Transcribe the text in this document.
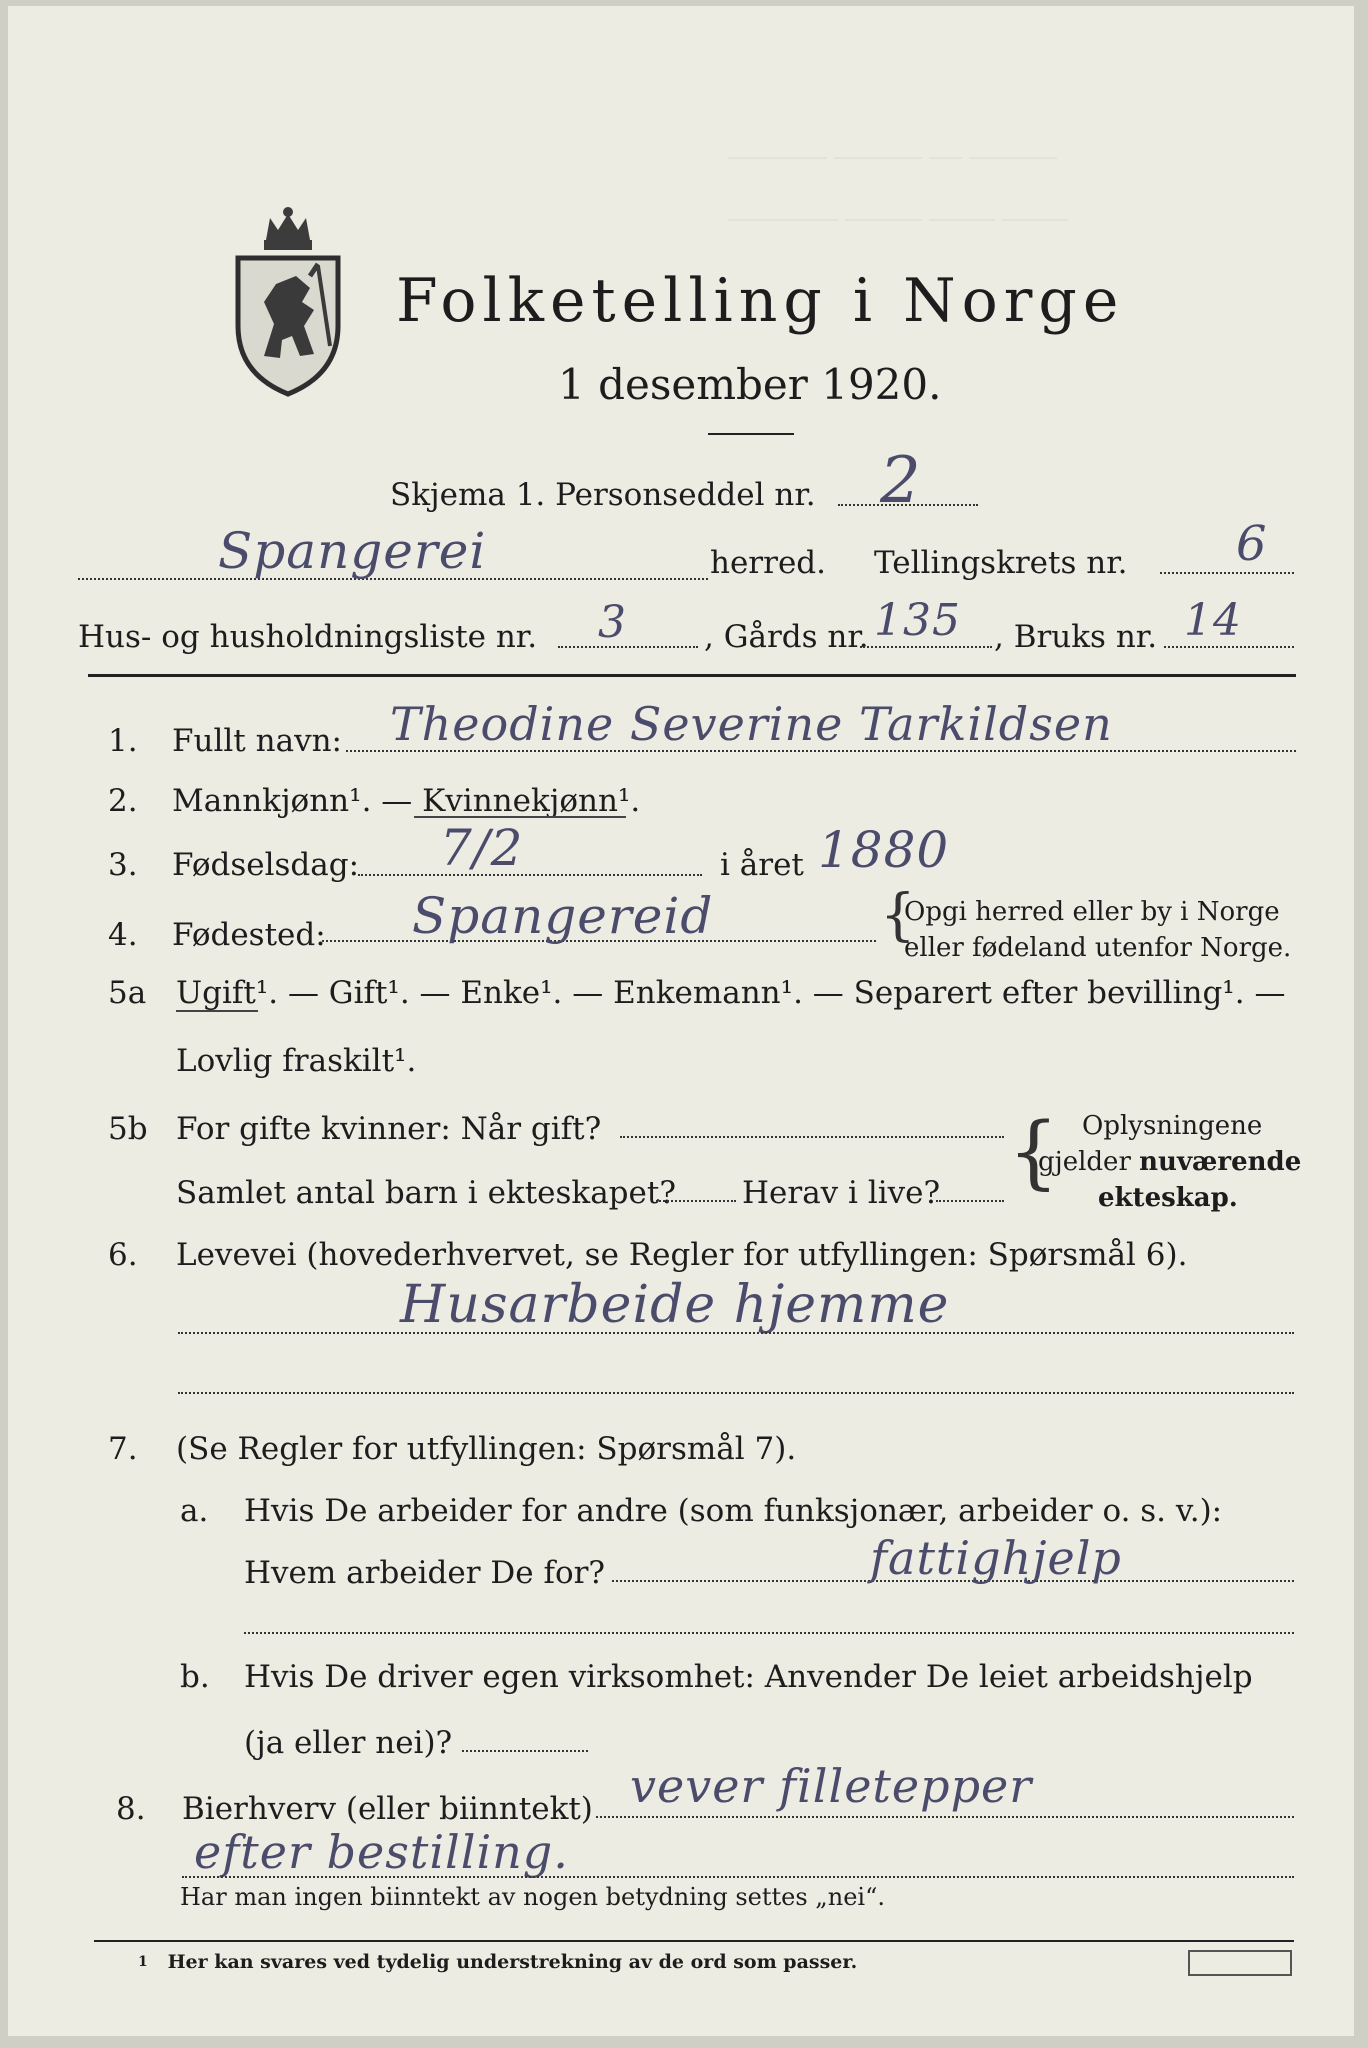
_________ ________ ___ ________
__________ _______ ______ ______
Folketelling i Norge
1 desember 1920.
Skjema 1. Personseddel nr. 2
Spangerei	herred. Tellingskrets nr. 6
Hus- og husholdningsliste nr. 3 , Gårds nr. 135 , Bruks nr. 14
1. Fullt navn: Theodine Severine Tarkildsen
2. Mannkjønn¹. — Kvinnekjønn¹.
3. Fødselsdag: 7/2	i året 1880
4. Fødested: Spangereid	{
Opgi herred eller by i Norge
eller fødeland utenfor Norge.
5a Ugift¹. — Gift¹. — Enke¹. — Enkemann¹. — Separert efter bevilling¹. —
Lovlig fraskilt¹.
5b For gifte kvinner: Når gift?
Samlet antal barn i ekteskapet? Herav i live? { Oplysningene
gjelder nuværende
ekteskap.
6. Levevei (hovederhvervet, se Regler for utfyllingen: Spørsmål 6).
Husarbeide hjemme
7. (Se Regler for utfyllingen: Spørsmål 7).
a. Hvis De arbeider for andre (som funksjonær, arbeider o. s. v.):
Hvem arbeider De for?	fattighjelp
b. Hvis De driver egen virksomhet: Anvender De leiet arbeidshjelp
(ja eller nei)?
8. Bierhverv (eller biinntekt) vever filletepper
efter bestilling.
Har man ingen biinntekt av nogen betydning settes „nei“.
$^1$ Her kan svares ved tydelig understrekning av de ord som passer.
